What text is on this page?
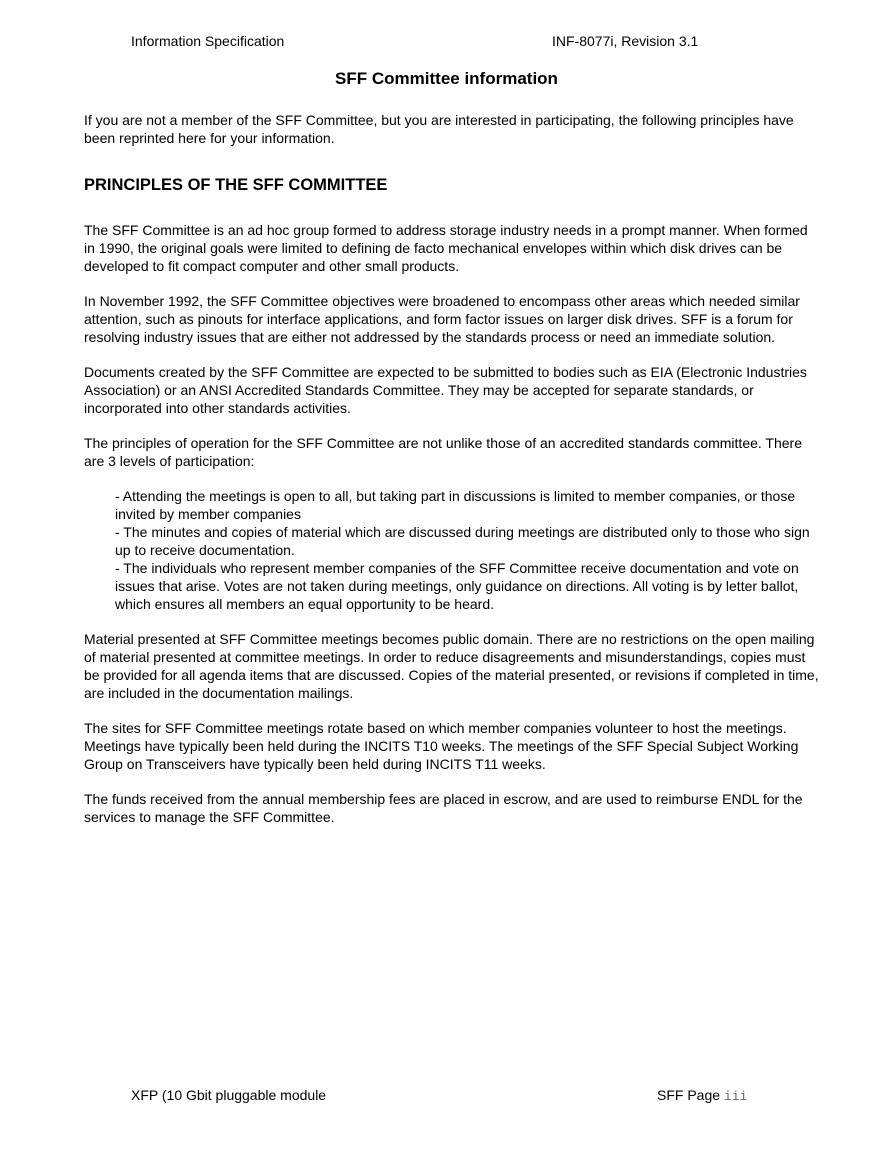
Information Specification	INF-8077i, Revision 3.1
SFF Committee information

If you are not a member of the SFF Committee, but you are interested in participating, the following principles have been reprinted here for your information.

PRINCIPLES OF THE SFF COMMITTEE

The SFF Committee is an ad hoc group formed to address storage industry needs in a prompt manner. When formed in 1990, the original goals were limited to defining de facto mechanical envelopes within which disk drives can be developed to fit compact computer and other small products.

In November 1992, the SFF Committee objectives were broadened to encompass other areas which needed similar attention, such as pinouts for interface applications, and form factor issues on larger disk drives. SFF is a forum for resolving industry issues that are either not addressed by the standards process or need an immediate solution.

Documents created by the SFF Committee are expected to be submitted to bodies such as EIA (Electronic Industries Association) or an ANSI Accredited Standards Committee. They may be accepted for separate standards, or incorporated into other standards activities.

The principles of operation for the SFF Committee are not unlike those of an accredited standards committee. There are 3 levels of participation:

- Attending the meetings is open to all, but taking part in discussions is limited to member companies, or those invited by member companies
- The minutes and copies of material which are discussed during meetings are distributed only to those who sign up to receive documentation.
- The individuals who represent member companies of the SFF Committee receive documentation and vote on issues that arise. Votes are not taken during meetings, only guidance on directions. All voting is by letter ballot, which ensures all members an equal opportunity to be heard.

Material presented at SFF Committee meetings becomes public domain. There are no restrictions on the open mailing of material presented at committee meetings. In order to reduce disagreements and misunderstandings, copies must be provided for all agenda items that are discussed. Copies of the material presented, or revisions if completed in time, are included in the documentation mailings.

The sites for SFF Committee meetings rotate based on which member companies volunteer to host the meetings. Meetings have typically been held during the INCITS T10 weeks. The meetings of the SFF Special Subject Working Group on Transceivers have typically been held during INCITS T11 weeks.

The funds received from the annual membership fees are placed in escrow, and are used to reimburse ENDL for the services to manage the SFF Committee.

XFP (10 Gbit pluggable module	SFF Page iii
